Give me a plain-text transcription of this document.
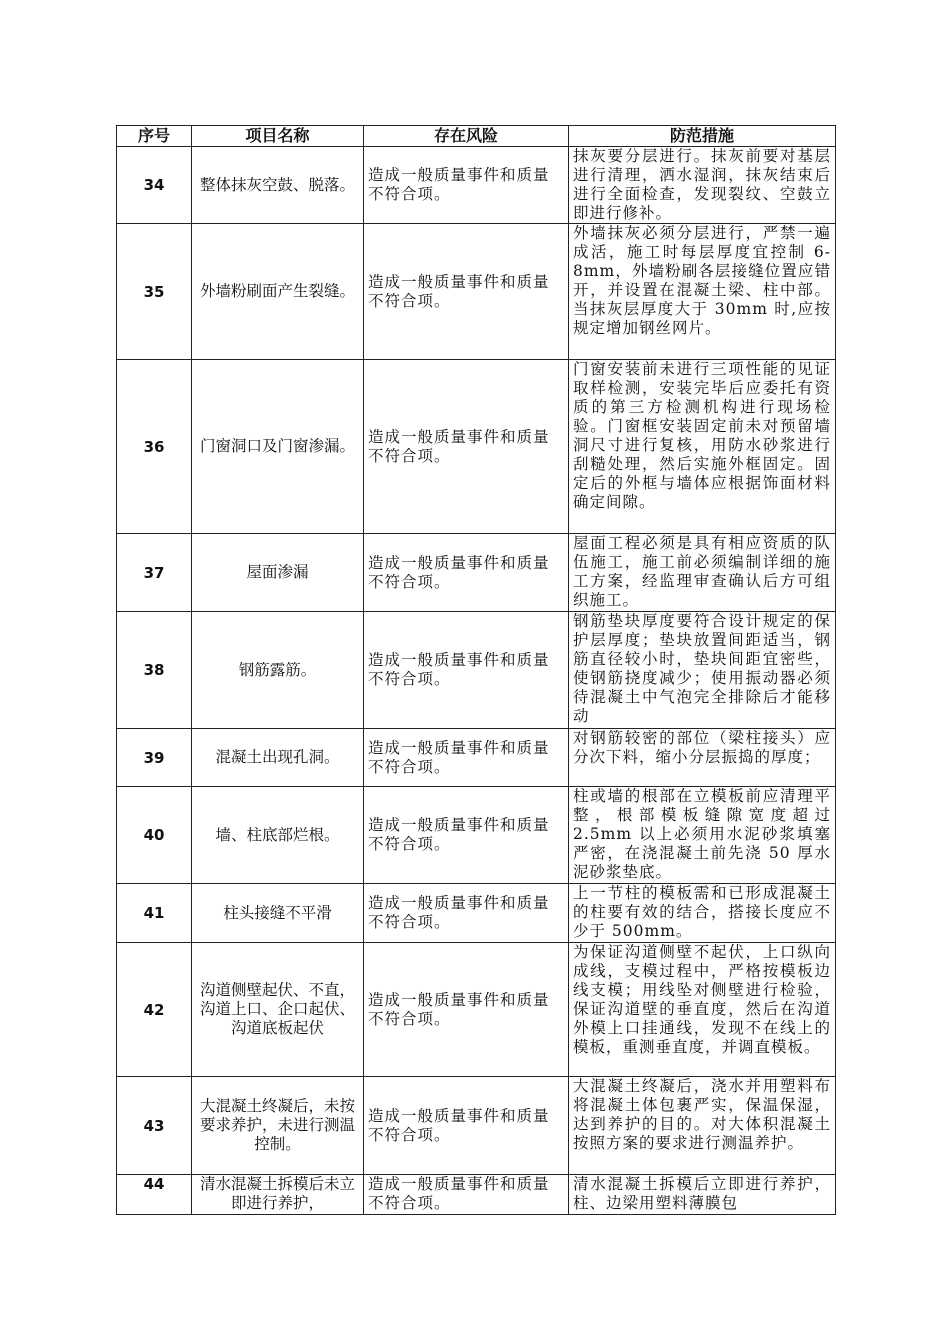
序号	项目名称	存在风险	防范措施
34	整体抹灰空鼓、脱落。	造成一般质量事件和质量不符合项。	抹灰要分层进行。抹灰前要对基层进行清理，洒水湿润，抹灰结束后进行全面检查，发现裂纹、空鼓立即进行修补。
35	外墙粉刷面产生裂缝。	造成一般质量事件和质量不符合项。	外墙抹灰必须分层进行，严禁一遍成活，施工时每层厚度宜控制 6-8mm，外墙粉刷各层接缝位置应错开，并设置在混凝土梁、柱中部。当抹灰层厚度大于 30mm 时,应按规定增加钢丝网片。
36	门窗洞口及门窗渗漏。	造成一般质量事件和质量不符合项。	门窗安装前未进行三项性能的见证取样检测，安装完毕后应委托有资质的第三方检测机构进行现场检验。门窗框安装固定前未对预留墙洞尺寸进行复核，用防水砂浆进行刮糙处理，然后实施外框固定。固定后的外框与墙体应根据饰面材料确定间隙。
37	屋面渗漏	造成一般质量事件和质量不符合项。	屋面工程必须是具有相应资质的队伍施工，施工前必须编制详细的施工方案，经监理审查确认后方可组织施工。
38	钢筋露筋。	造成一般质量事件和质量不符合项。	钢筋垫块厚度要符合设计规定的保护层厚度；垫块放置间距适当，钢筋直径较小时，垫块间距宜密些，使钢筋挠度减少；使用振动器必须待混凝土中气泡完全排除后才能移动
39	混凝土出现孔洞。	造成一般质量事件和质量不符合项。	对钢筋较密的部位（梁柱接头）应分次下料，缩小分层振捣的厚度；
40	墙、柱底部烂根。	造成一般质量事件和质量不符合项。	柱或墙的根部在立模板前应清理平整，根部模板缝隙宽度超过 2.5mm 以上必须用水泥砂浆填塞严密，在浇混凝土前先浇 50 厚水泥砂浆垫底。
41	柱头接缝不平滑	造成一般质量事件和质量不符合项。	上一节柱的模板需和已形成混凝土的柱要有效的结合，搭接长度应不少于 500mm。
42	沟道侧壁起伏、不直，沟道上口、企口起伏、沟道底板起伏	造成一般质量事件和质量不符合项。	为保证沟道侧壁不起伏，上口纵向成线，支模过程中，严格按模板边线支模；用线坠对侧壁进行检验，保证沟道壁的垂直度，然后在沟道外模上口挂通线，发现不在线上的模板，重测垂直度，并调直模板。
43	大混凝土终凝后，未按要求养护，未进行测温控制。	造成一般质量事件和质量不符合项。	大混凝土终凝后，浇水并用塑料布将混凝土体包裹严实，保温保湿，达到养护的目的。对大体积混凝土按照方案的要求进行测温养护。
44	清水混凝土拆模后未立即进行养护，	造成一般质量事件和质量不符合项。	清水混凝土拆模后立即进行养护，柱、边梁用塑料薄膜包
